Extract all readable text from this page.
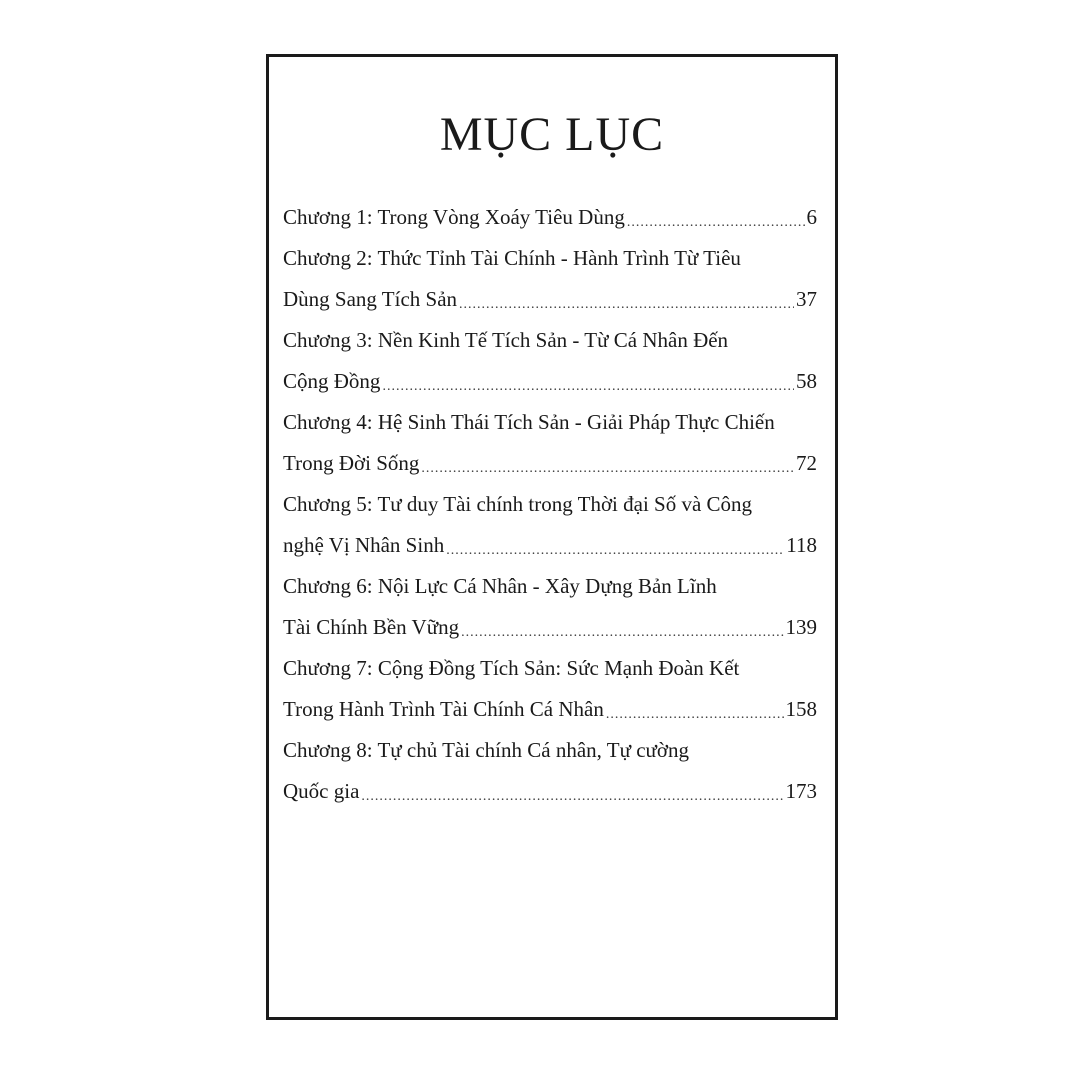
MỤC LỤC
Chương 1: Trong Vòng Xoáy Tiêu Dùng .....	6
Chương 2: Thức Tỉnh Tài Chính - Hành Trình Từ Tiêu
Dùng Sang Tích Sản .....	37
Chương 3: Nền Kinh Tế Tích Sản - Từ Cá Nhân Đến
Cộng Đồng .....	58
Chương 4: Hệ Sinh Thái Tích Sản - Giải Pháp Thực Chiến
Trong Đời Sống .....	72
Chương 5: Tư duy Tài chính trong Thời đại Số và Công
nghệ Vị Nhân Sinh .....	118
Chương 6: Nội Lực Cá Nhân - Xây Dựng Bản Lĩnh
Tài Chính Bền Vững .....	139
Chương 7: Cộng Đồng Tích Sản: Sức Mạnh Đoàn Kết
Trong Hành Trình Tài Chính Cá Nhân .....	158
Chương 8: Tự chủ Tài chính Cá nhân, Tự cường
Quốc gia .....	173
